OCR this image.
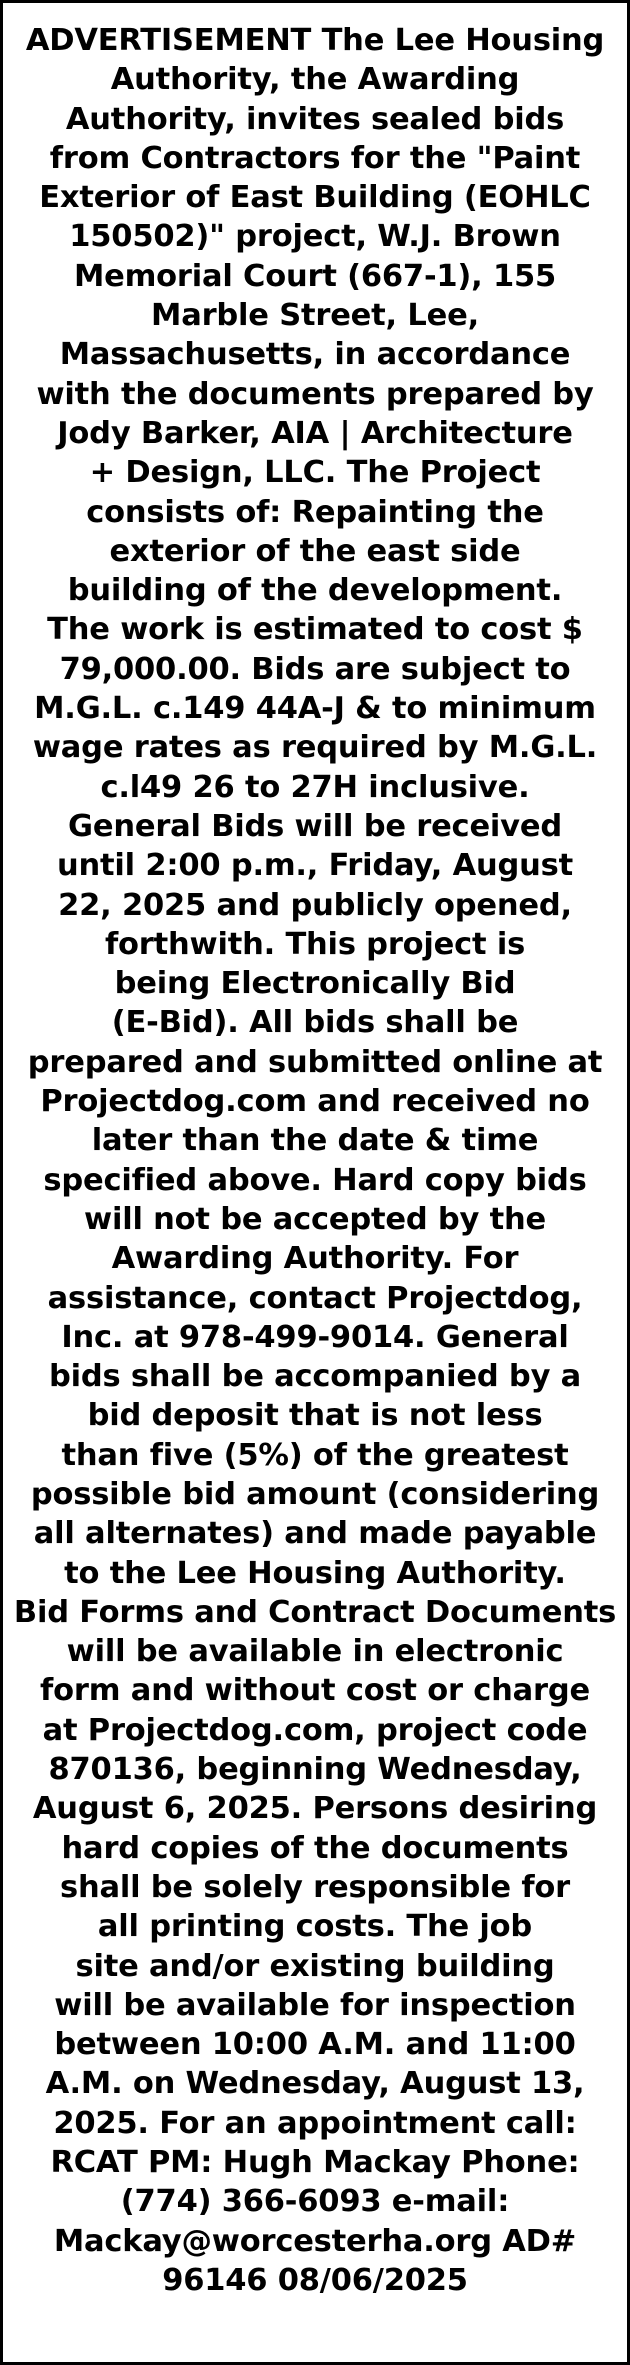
ADVERTISEMENT The Lee Housing
Authority, the Awarding
Authority, invites sealed bids
from Contractors for the "Paint
Exterior of East Building (EOHLC
150502)" project, W.J. Brown
Memorial Court (667-1), 155
Marble Street, Lee,
Massachusetts, in accordance
with the documents prepared by
Jody Barker, AIA | Architecture
+ Design, LLC. The Project
consists of: Repainting the
exterior of the east side
building of the development.
The work is estimated to cost $
79,000.00. Bids are subject to
M.G.L. c.149 44A-J & to minimum
wage rates as required by M.G.L.
c.l49 26 to 27H inclusive.
General Bids will be received
until 2:00 p.m., Friday, August
22, 2025 and publicly opened,
forthwith. This project is
being Electronically Bid
(E-Bid). All bids shall be
prepared and submitted online at
Projectdog.com and received no
later than the date & time
specified above. Hard copy bids
will not be accepted by the
Awarding Authority. For
assistance, contact Projectdog,
Inc. at 978-499-9014. General
bids shall be accompanied by a
bid deposit that is not less
than five (5%) of the greatest
possible bid amount (considering
all alternates) and made payable
to the Lee Housing Authority.
Bid Forms and Contract Documents
will be available in electronic
form and without cost or charge
at Projectdog.com, project code
870136, beginning Wednesday,
August 6, 2025. Persons desiring
hard copies of the documents
shall be solely responsible for
all printing costs. The job
site and/or existing building
will be available for inspection
between 10:00 A.M. and 11:00
A.M. on Wednesday, August 13,
2025. For an appointment call:
RCAT PM: Hugh Mackay Phone:
(774) 366-6093 e-mail:
Mackay@worcesterha.org AD#
96146 08/06/2025
